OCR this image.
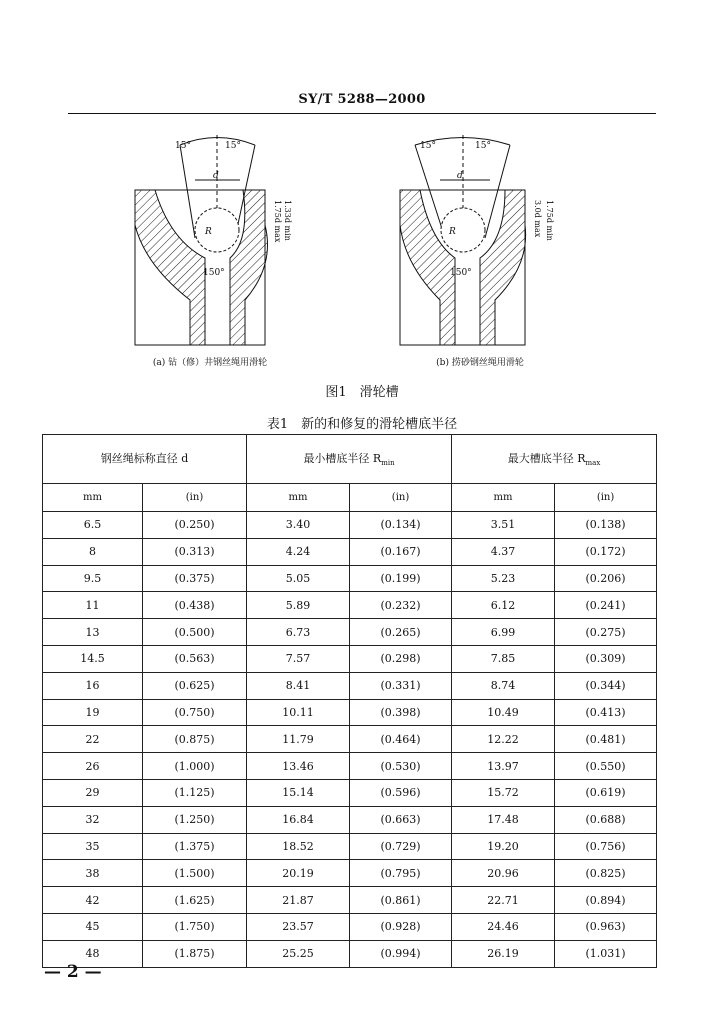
SY/T 5288—2000
15°	15°
d
R
150°
1.75d max 1.33d min
(a) 钻（修）井钢丝绳用滑轮
15°	15°
d
R
150°
3.0d max 1.75d min
(b) 捞砂钢丝绳用滑轮
图1　滑轮槽
表1　新的和修复的滑轮槽底半径
钢丝绳标称直径 d		最小槽底半径 $R_{min}$		最大槽底半径 $R_{max}$
mm	(in)	mm	(in)	mm	(in)
6.5	(0.250)	3.40	(0.134)	3.51	(0.138)
8	(0.313)	4.24	(0.167)	4.37	(0.172)
9.5	(0.375)	5.05	(0.199)	5.23	(0.206)
11	(0.438)	5.89	(0.232)	6.12	(0.241)
13	(0.500)	6.73	(0.265)	6.99	(0.275)
14.5	(0.563)	7.57	(0.298)	7.85	(0.309)
16	(0.625)	8.41	(0.331)	8.74	(0.344)
19	(0.750)	10.11	(0.398)	10.49	(0.413)
22	(0.875)	11.79	(0.464)	12.22	(0.481)
26	(1.000)	13.46	(0.530)	13.97	(0.550)
29	(1.125)	15.14	(0.596)	15.72	(0.619)
32	(1.250)	16.84	(0.663)	17.48	(0.688)
35	(1.375)	18.52	(0.729)	19.20	(0.756)
38	(1.500)	20.19	(0.795)	20.96	(0.825)
42	(1.625)	21.87	(0.861)	22.71	(0.894)
45	(1.750)	23.57	(0.928)	24.46	(0.963)
48	(1.875)	25.25	(0.994)	26.19	(1.031)
— 2 —
